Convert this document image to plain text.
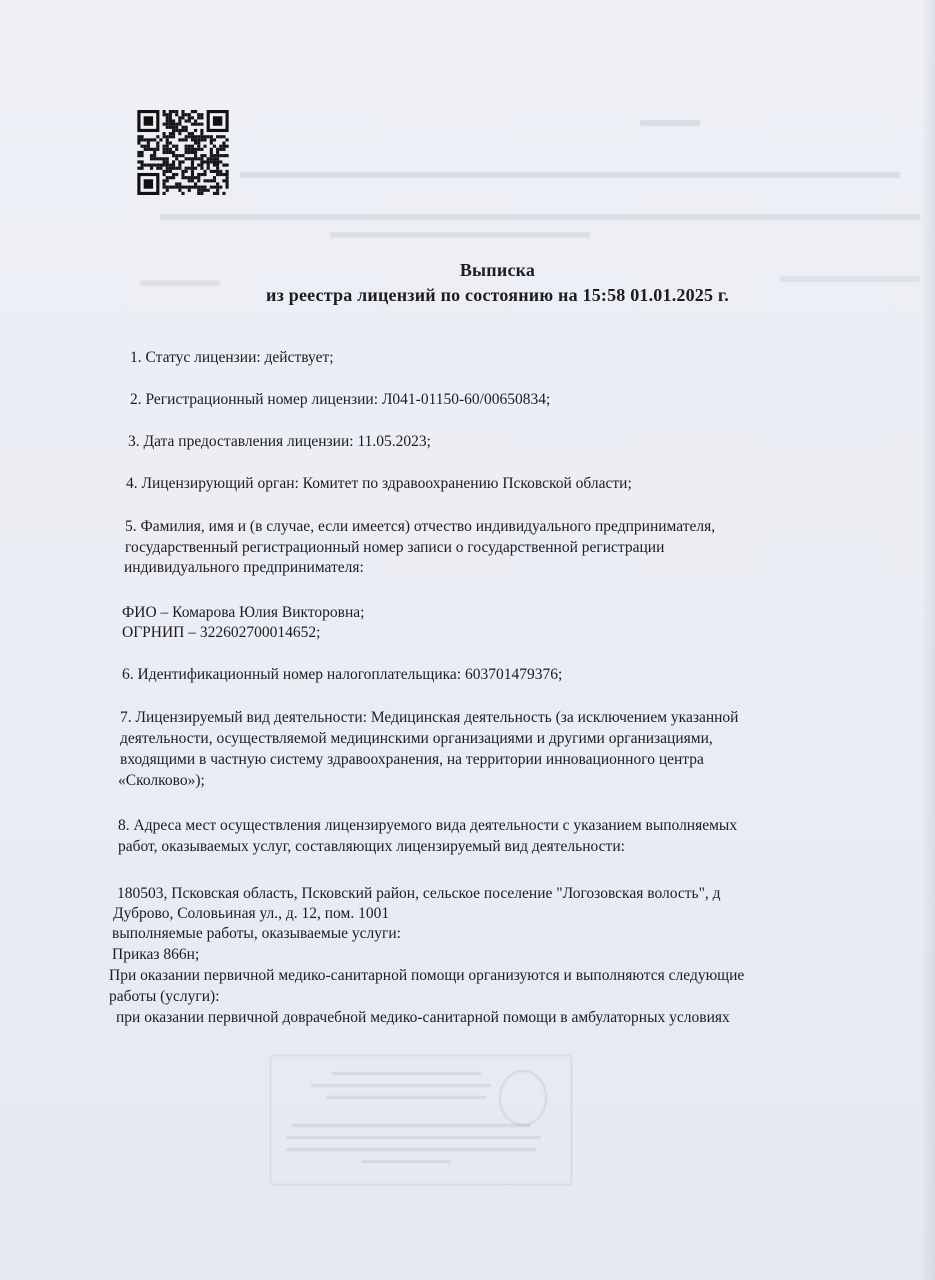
Выписка
из реестра лицензий по состоянию на 15:58 01.01.2025 г.
1. Статус лицензии: действует;
2. Регистрационный номер лицензии: Л041-01150-60/00650834;
3. Дата предоставления лицензии: 11.05.2023;
4. Лицензирующий орган: Комитет по здравоохранению Псковской области;
5. Фамилия, имя и (в случае, если имеется) отчество индивидуального предпринимателя,
государственный регистрационный номер записи о государственной регистрации
индивидуального предпринимателя:
ФИО – Комарова Юлия Викторовна;
ОГРНИП – 322602700014652;
6. Идентификационный номер налогоплательщика: 603701479376;
7. Лицензируемый вид деятельности: Медицинская деятельность (за исключением указанной
деятельности, осуществляемой медицинскими организациями и другими организациями,
входящими в частную систему здравоохранения, на территории инновационного центра
«Сколково»);
8. Адреса мест осуществления лицензируемого вида деятельности с указанием выполняемых
работ, оказываемых услуг, составляющих лицензируемый вид деятельности:
180503, Псковская область, Псковский район, сельское поселение "Логозовская волость", д
Дуброво, Соловьиная ул., д. 12, пом. 1001
выполняемые работы, оказываемые услуги:
Приказ 866н;
При оказании первичной медико-санитарной помощи организуются и выполняются следующие
работы (услуги):
при оказании первичной доврачебной медико-санитарной помощи в амбулаторных условиях
